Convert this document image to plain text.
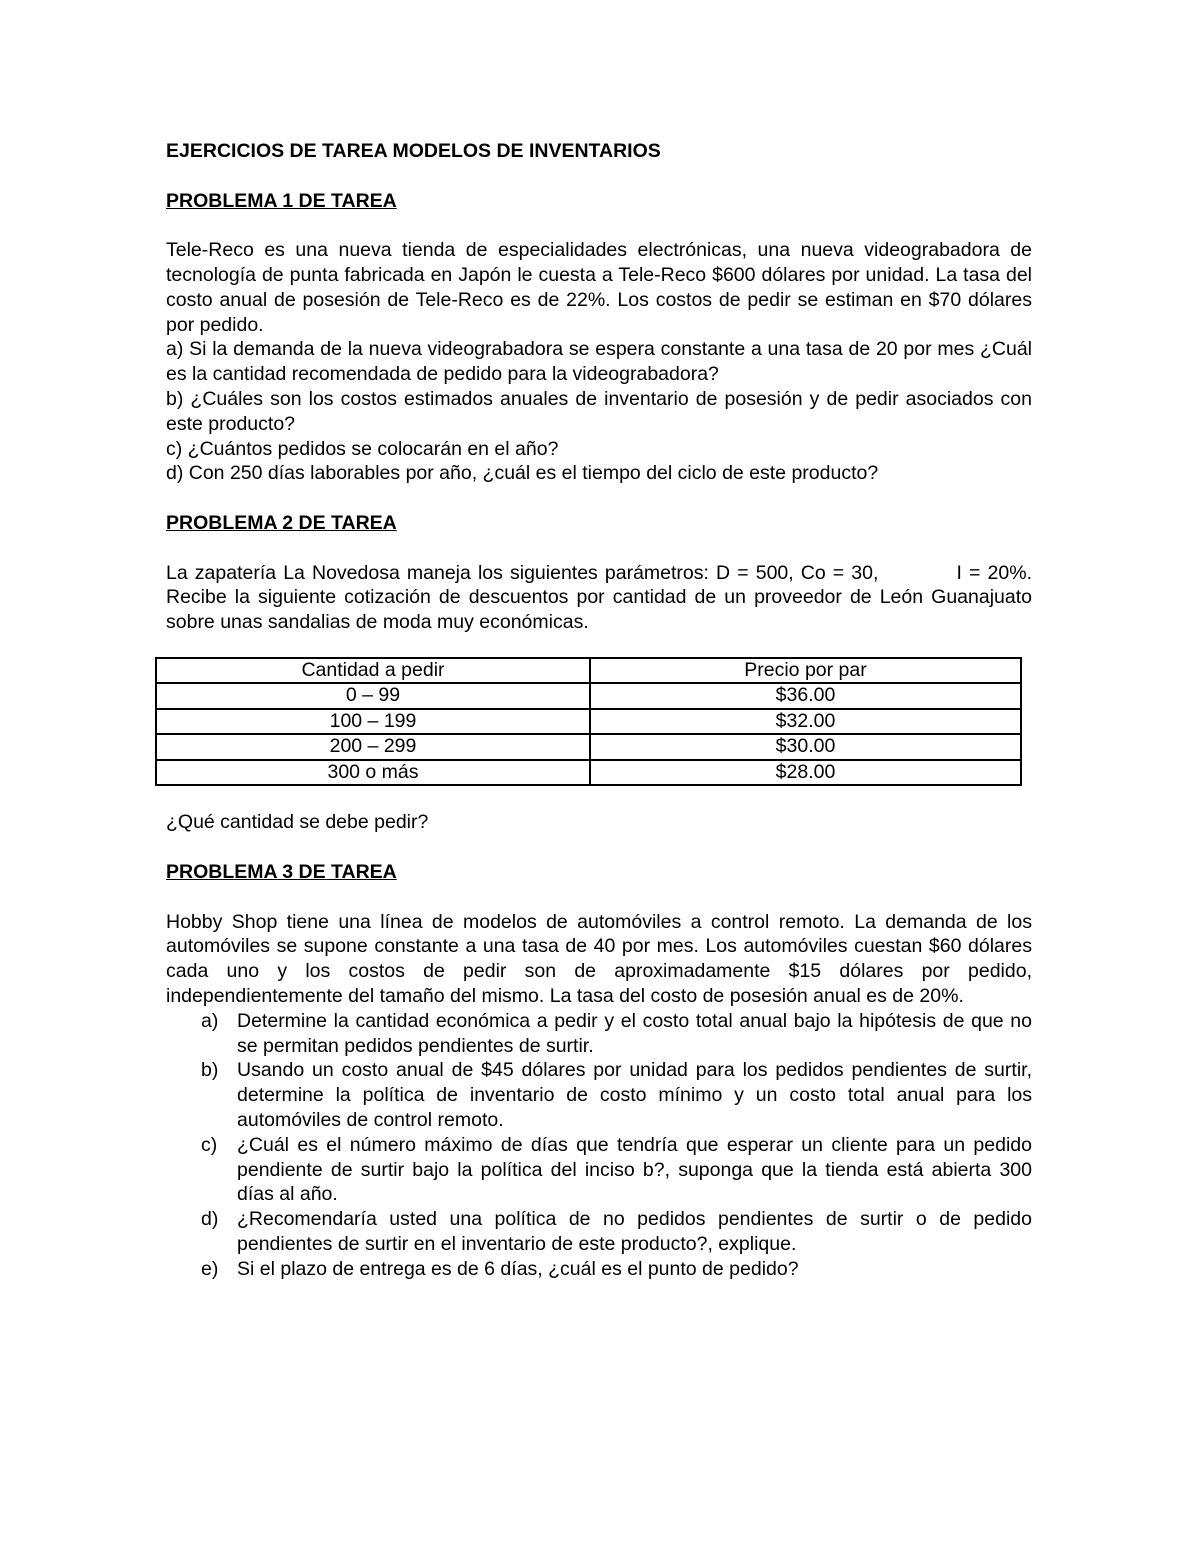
EJERCICIOS DE TAREA MODELOS DE INVENTARIOS
PROBLEMA 1 DE TAREA

Tele-Reco es una nueva tienda de especialidades electrónicas, una nueva videograbadora de tecnología de punta fabricada en Japón le cuesta a Tele-Reco $600 dólares por unidad. La tasa del costo anual de posesión de Tele-Reco es de 22%. Los costos de pedir se estiman en $70 dólares por pedido.

a) Si la demanda de la nueva videograbadora se espera constante a una tasa de 20 por mes ¿Cuál es la cantidad recomendada de pedido para la videograbadora?

b) ¿Cuáles son los costos estimados anuales de inventario de posesión y de pedir asociados con este producto?

c) ¿Cuántos pedidos se colocarán en el año?

d) Con 250 días laborables por año, ¿cuál es el tiempo del ciclo de este producto?

PROBLEMA 2 DE TAREA

La zapatería La Novedosa maneja los siguientes parámetros: D = 500, Co = 30,           I = 20%. Recibe la siguiente cotización de descuentos por cantidad de un proveedor de León Guanajuato sobre unas sandalias de moda muy económicas.

Cantidad a pedir	Precio por par
0 – 99	$36.00
100 – 199	$32.00
200 – 299	$30.00
300 o más	$28.00

¿Qué cantidad se debe pedir?

PROBLEMA 3 DE TAREA

Hobby Shop tiene una línea de modelos de automóviles a control remoto. La demanda de los automóviles se supone constante a una tasa de 40 por mes. Los automóviles cuestan $60 dólares cada uno y los costos de pedir son de aproximadamente $15 dólares por pedido, independientemente del tamaño del mismo. La tasa del costo de posesión anual es de 20%.

a) Determine la cantidad económica a pedir y el costo total anual bajo la hipótesis de que no se permitan pedidos pendientes de surtir.
b) Usando un costo anual de $45 dólares por unidad para los pedidos pendientes de surtir, determine la política de inventario de costo mínimo y un costo total anual para los automóviles de control remoto.
c) ¿Cuál es el número máximo de días que tendría que esperar un cliente para un pedido pendiente de surtir bajo la política del inciso b?, suponga que la tienda está abierta 300 días al año.
d) ¿Recomendaría usted una política de no pedidos pendientes de surtir o de pedido pendientes de surtir en el inventario de este producto?, explique.
e) Si el plazo de entrega es de 6 días, ¿cuál es el punto de pedido?
